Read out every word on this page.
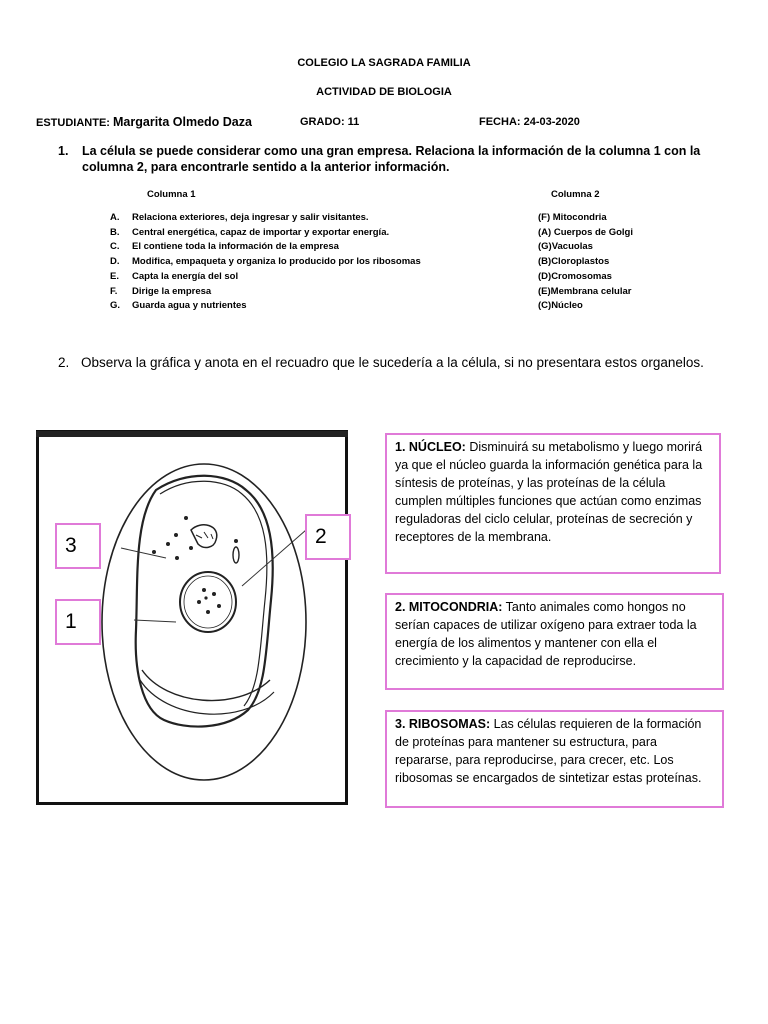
COLEGIO LA SAGRADA FAMILIA
ACTIVIDAD DE BIOLOGIA
ESTUDIANTE: Margarita Olmedo Daza	GRADO: 11	FECHA: 24-03-2020
1. La célula se puede considerar como una gran empresa. Relaciona la información de la columna 1 con la columna 2, para encontrarle sentido a la anterior información.
Columna 1	Columna 2
A. Relaciona exteriores, deja ingresar y salir visitantes.	(F) Mitocondria
B. Central energética, capaz de importar y exportar energía.	(A) Cuerpos de Golgi
C. El contiene toda la información de la empresa	(G)Vacuolas
D. Modifica, empaqueta y organiza lo producido por los ribosomas	(B)Cloroplastos
E. Capta la energía del sol	(D)Cromosomas
F. Dirige la empresa	(E)Membrana celular
G. Guarda agua y nutrientes	(C)Núcleo
2. Observa la gráfica y anota en el recuadro que le sucedería a la célula, si no presentara estos organelos.
3	2
1
1. NÚCLEO: Disminuirá su metabolismo y luego morirá ya que el núcleo guarda la información genética para la síntesis de proteínas, y las proteínas de la célula cumplen múltiples funciones que actúan como enzimas reguladoras del ciclo celular, proteínas de secreción y receptores de la membrana.
2. MITOCONDRIA: Tanto animales como hongos no serían capaces de utilizar oxígeno para extraer toda la energía de los alimentos y mantener con ella el crecimiento y la capacidad de reproducirse.
3. RIBOSOMAS: Las células requieren de la formación de proteínas para mantener su estructura, para repararse, para reproducirse, para crecer, etc. Los ribosomas se encargados de sintetizar estas proteínas.
